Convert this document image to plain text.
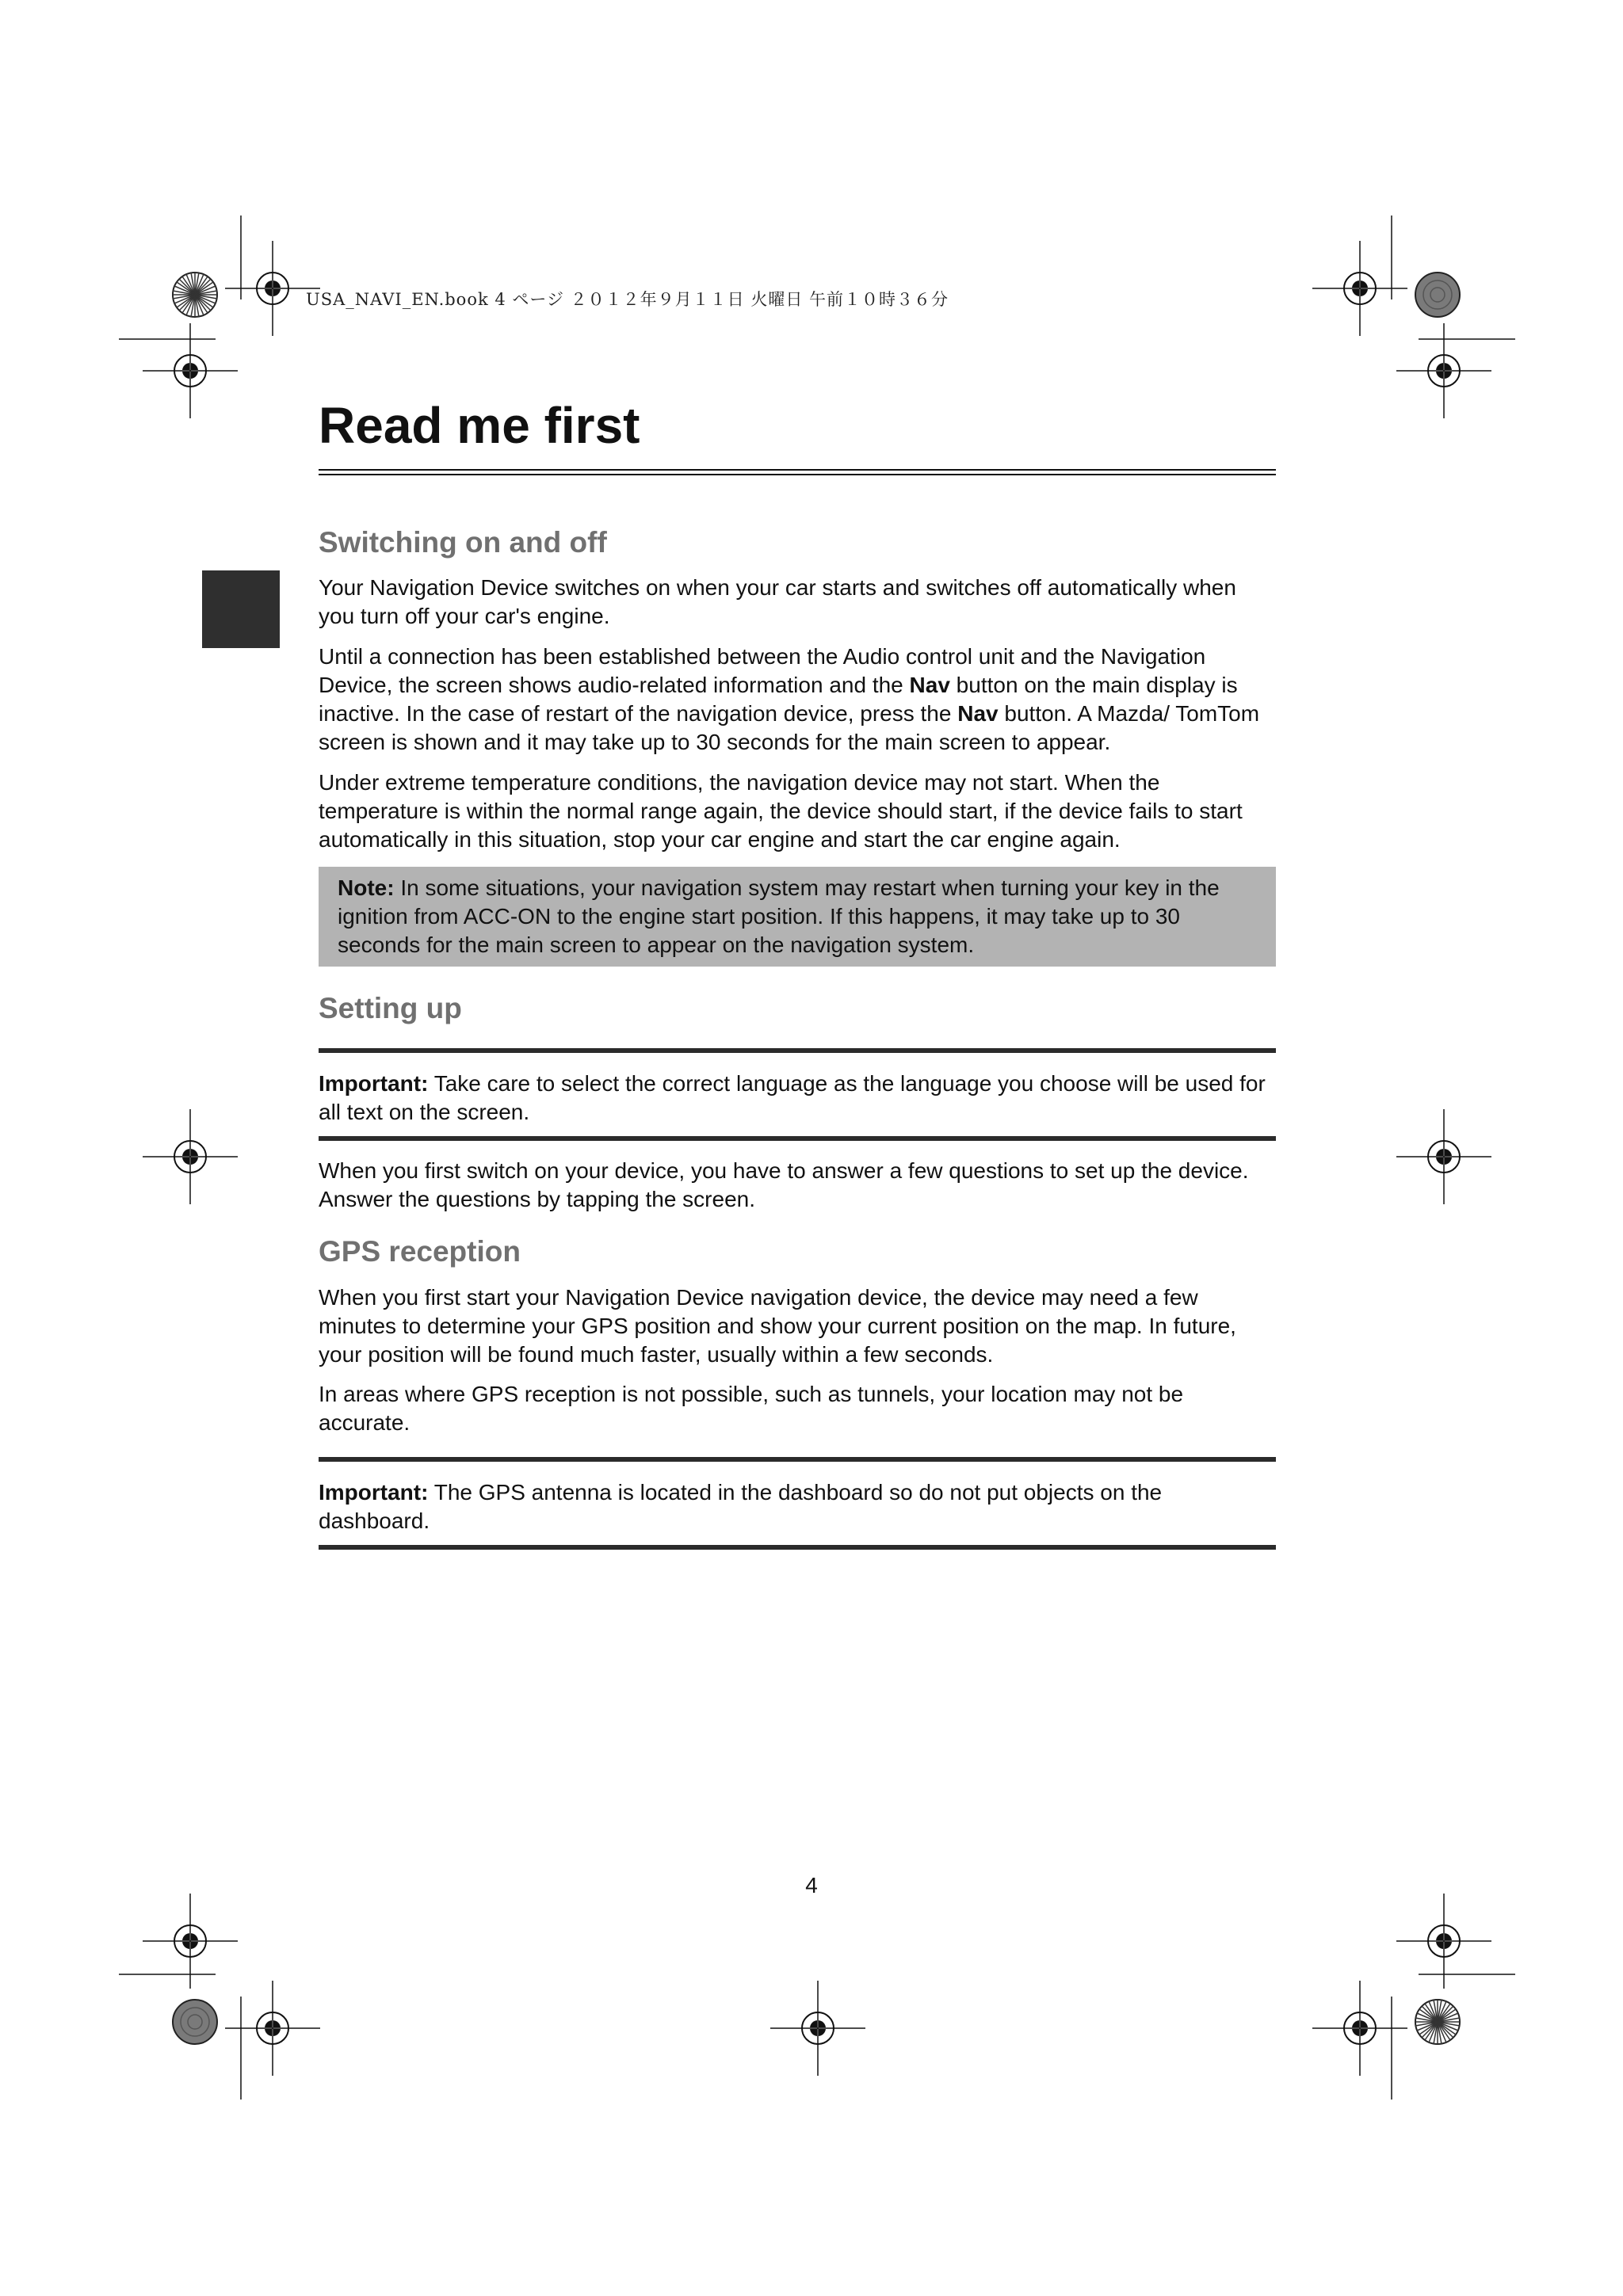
USA_NAVI_EN.book 4 ページ ２０１２年９月１１日 火曜日 午前１０時３６分
Read me first
Switching on and off

Your Navigation Device switches on when your car starts and switches off automatically when you turn off your car's engine.

Until a connection has been established between the Audio control unit and the Navigation Device, the screen shows audio-related information and the Nav button on the main display is inactive. In the case of restart of the navigation device, press the Nav button. A Mazda/ TomTom screen is shown and it may take up to 30 seconds for the main screen to appear.

Under extreme temperature conditions, the navigation device may not start. When the temperature is within the normal range again, the device should start, if the device fails to start automatically in this situation, stop your car engine and start the car engine again.

Note: In some situations, your navigation system may restart when turning your key in the ignition from ACC-ON to the engine start position. If this happens, it may take up to 30 seconds for the main screen to appear on the navigation system.
Setting up

Important: Take care to select the correct language as the language you choose will be used for all text on the screen.

When you first switch on your device, you have to answer a few questions to set up the device. Answer the questions by tapping the screen.

GPS reception

When you first start your Navigation Device navigation device, the device may need a few minutes to determine your GPS position and show your current position on the map. In future, your position will be found much faster, usually within a few seconds.

In areas where GPS reception is not possible, such as tunnels, your location may not be accurate.

Important: The GPS antenna is located in the dashboard so do not put objects on the dashboard.

4
